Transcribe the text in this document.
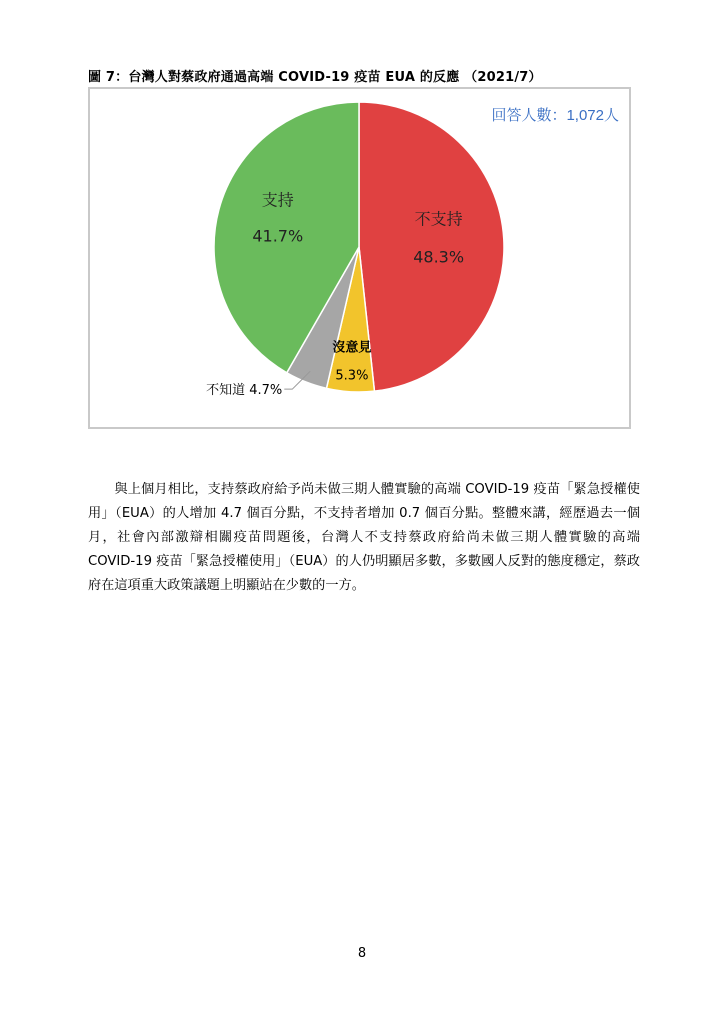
圖 7：台灣人對蔡政府通過高端 COVID-19 疫苗 EUA 的反應 （2021/7）
不支持
48.3%
沒意見
5.3%
不知道 4.7%
支持
41.7%
回答人數：1,072人
與上個月相比，支持蔡政府給予尚未做三期人體實驗的高端 COVID-19 疫苗「緊急授權使用」（EUA）的人增加 4.7 個百分點，不支持者增加 0.7 個百分點。整體來講，經歷過去一個月，社會內部激辯相關疫苗問題後，台灣人不支持蔡政府給尚未做三期人體實驗的高端 COVID-19 疫苗「緊急授權使用」（EUA）的人仍明顯居多數，多數國人反對的態度穩定，蔡政府在這項重大政策議題上明顯站在少數的一方。
8
